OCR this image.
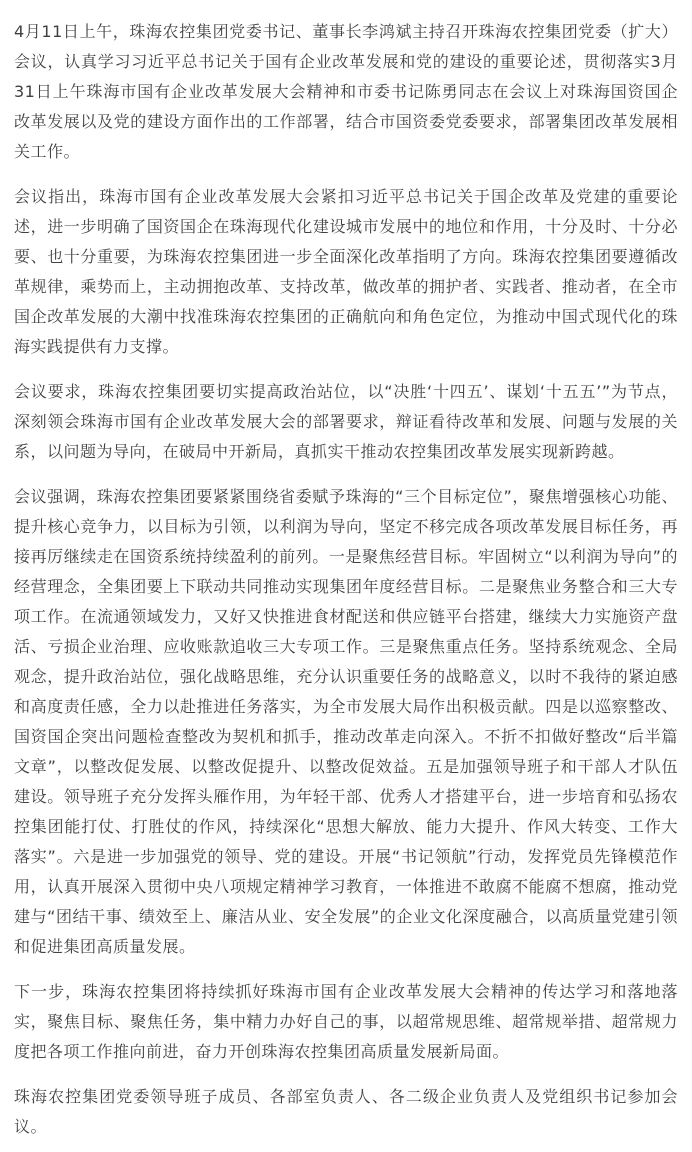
4月11日上午，珠海农控集团党委书记、董事长李鸿斌主持召开珠海农控集团党委（扩大）会议，认真学习习近平总书记关于国有企业改革发展和党的建设的重要论述，贯彻落实3月31日上午珠海市国有企业改革发展大会精神和市委书记陈勇同志在会议上对珠海国资国企改革发展以及党的建设方面作出的工作部署，结合市国资委党委要求，部署集团改革发展相关工作。

会议指出，珠海市国有企业改革发展大会紧扣习近平总书记关于国企改革及党建的重要论述，进一步明确了国资国企在珠海现代化建设城市发展中的地位和作用，十分及时、十分必要、也十分重要，为珠海农控集团进一步全面深化改革指明了方向。珠海农控集团要遵循改革规律，乘势而上，主动拥抱改革、支持改革，做改革的拥护者、实践者、推动者，在全市国企改革发展的大潮中找准珠海农控集团的正确航向和角色定位，为推动中国式现代化的珠海实践提供有力支撑。

会议要求，珠海农控集团要切实提高政治站位，以“决胜‘十四五’、谋划‘十五五’”为节点，深刻领会珠海市国有企业改革发展大会的部署要求，辩证看待改革和发展、问题与发展的关系，以问题为导向，在破局中开新局，真抓实干推动农控集团改革发展实现新跨越。

会议强调，珠海农控集团要紧紧围绕省委赋予珠海的“三个目标定位”，聚焦增强核心功能、提升核心竞争力，以目标为引领，以利润为导向，坚定不移完成各项改革发展目标任务，再接再厉继续走在国资系统持续盈利的前列。一是聚焦经营目标。牢固树立“以利润为导向”的经营理念，全集团要上下联动共同推动实现集团年度经营目标。二是聚焦业务整合和三大专项工作。在流通领域发力，又好又快推进食材配送和供应链平台搭建，继续大力实施资产盘活、亏损企业治理、应收账款追收三大专项工作。三是聚焦重点任务。坚持系统观念、全局观念，提升政治站位，强化战略思维，充分认识重要任务的战略意义，以时不我待的紧迫感和高度责任感，全力以赴推进任务落实，为全市发展大局作出积极贡献。四是以巡察整改、国资国企突出问题检查整改为契机和抓手，推动改革走向深入。不折不扣做好整改“后半篇文章”，以整改促发展、以整改促提升、以整改促效益。五是加强领导班子和干部人才队伍建设。领导班子充分发挥头雁作用，为年轻干部、优秀人才搭建平台，进一步培育和弘扬农控集团能打仗、打胜仗的作风，持续深化“思想大解放、能力大提升、作风大转变、工作大落实”。六是进一步加强党的领导、党的建设。开展“书记领航”行动，发挥党员先锋模范作用，认真开展深入贯彻中央八项规定精神学习教育，一体推进不敢腐不能腐不想腐，推动党建与“团结干事、绩效至上、廉洁从业、安全发展”的企业文化深度融合，以高质量党建引领和促进集团高质量发展。

下一步，珠海农控集团将持续抓好珠海市国有企业改革发展大会精神的传达学习和落地落实，聚焦目标、聚焦任务，集中精力办好自己的事，以超常规思维、超常规举措、超常规力度把各项工作推向前进，奋力开创珠海农控集团高质量发展新局面。

珠海农控集团党委领导班子成员、各部室负责人、各二级企业负责人及党组织书记参加会议。
